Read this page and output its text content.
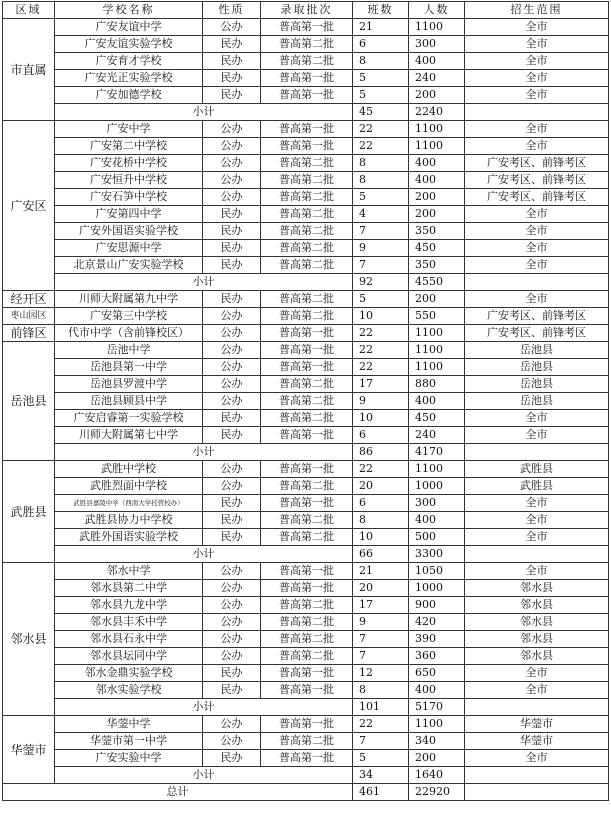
区域	学校名称	性质	录取批次	班数	人数	招生范围
市直属	广安友谊中学	公办	普高第一批	21	1100	全市
	广安友谊实验学校	民办	普高第二批	6	300	全市
	广安育才学校	民办	普高第二批	8	400	全市
	广安光正实验学校	民办	普高第一批	5	240	全市
	广安加德学校	民办	普高第一批	5	200	全市
	小计			45	2240	
广安区	广安中学	公办	普高第一批	22	1100	全市
	广安第二中学校	公办	普高第一批	22	1100	全市
	广安花桥中学校	公办	普高第二批	8	400	广安考区、前锋考区
	广安恒升中学校	公办	普高第二批	8	400	广安考区、前锋考区
	广安石笋中学校	公办	普高第二批	5	200	广安考区、前锋考区
	广安第四中学	民办	普高第二批	4	200	全市
	广安外国语实验学校	民办	普高第二批	7	350	全市
	广安思源中学	民办	普高第二批	9	450	全市
	北京景山广安实验学校	民办	普高第二批	7	350	全市
	小计			92	4550	
经开区	川师大附属第九中学	民办	普高第二批	5	200	全市
枣山园区	广安第三中学校	公办	普高第二批	10	550	广安考区、前锋考区
前锋区	代市中学（含前锋校区）	公办	普高第一批	22	1100	广安考区、前锋考区
岳池县	岳池中学	公办	普高第一批	22	1100	岳池县
	岳池县第一中学	公办	普高第一批	22	1100	岳池县
	岳池县罗渡中学	公办	普高第二批	17	880	岳池县
	岳池县顾县中学	公办	普高第二批	9	400	岳池县
	广安启睿第一实验学校	民办	普高第二批	10	450	全市
	川师大附属第七中学	民办	普高第一批	6	240	全市
	小计			86	4170	
武胜县	武胜中学校	公办	普高第一批	22	1100	武胜县
	武胜烈面中学校	公办	普高第二批	20	1000	武胜县
	武胜县嘉陵中学（西南大学托管校办）	民办	普高第一批	6	300	全市
	武胜县协力中学校	民办	普高第二批	8	400	全市
	武胜外国语实验学校	民办	普高第二批	10	500	全市
	小计			66	3300	
邻水县	邻水中学	公办	普高第一批	21	1050	全市
	邻水县第二中学	公办	普高第一批	20	1000	邻水县
	邻水县九龙中学	公办	普高第二批	17	900	邻水县
	邻水县丰禾中学	公办	普高第二批	9	420	邻水县
	邻水县石永中学	公办	普高第二批	7	390	邻水县
	邻水县坛同中学	公办	普高第二批	7	360	邻水县
	邻水金鼎实验学校	民办	普高第一批	12	650	全市
	邻水实验学校	民办	普高第一批	8	400	全市
	小计			101	5170	
华蓥市	华蓥中学	公办	普高第一批	22	1100	华蓥市
	华蓥市第一中学	公办	普高第二批	7	340	华蓥市
	广安实验中学	民办	普高第一批	5	200	全市
	小计			34	1640	
总计				461	22920	
